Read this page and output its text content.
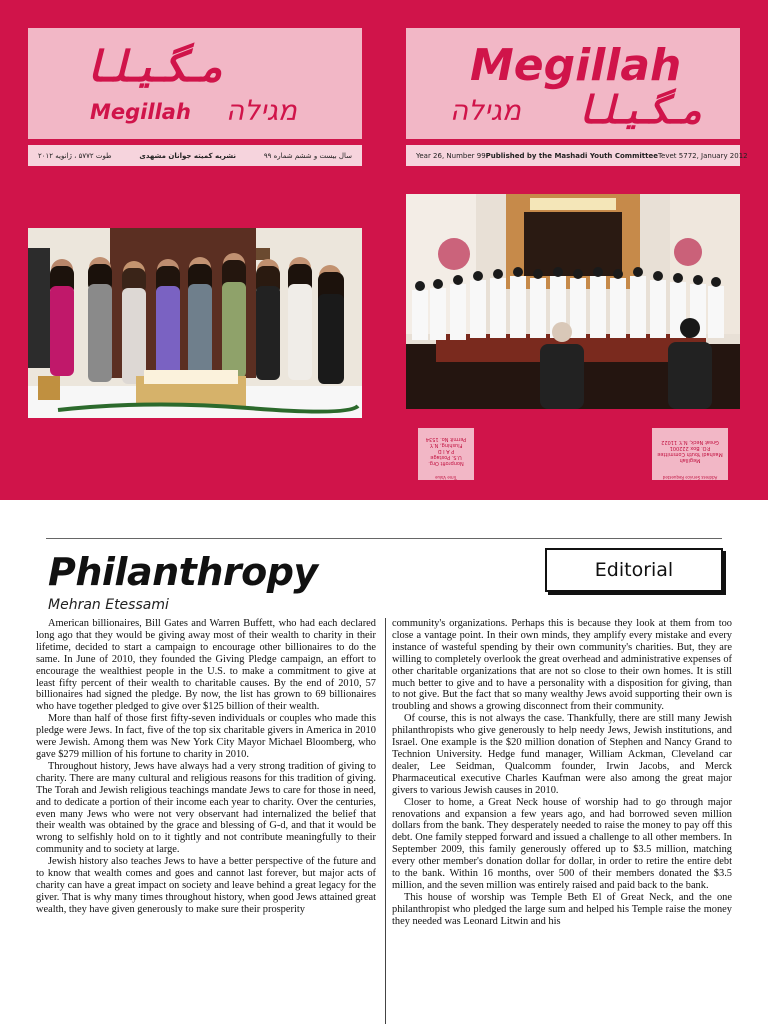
مـگـيـلـا
Megillah מגילה
سال بیست و ششم شماره ۹۹
نشریه کمیته جوانان مشهدی
طوت ۵۷۷۲ ، ژانویه ۲۰۱۲
Megillah
מגילה مـگـيـلـا
Year 26, Number 99 Published by the Mashadi Youth Committee Tevet 5772, January 2012
Time Value
Nonprofit Org.
U.S. Postage
P A I D
Flushing, N.Y.
Permit No. 1534
Address Service Requested
Megillah
Mashadi Youth Committee
P.O. Box 222001
Great Neck, N.Y. 11022
Philanthropy
Mehran Etessami
Editorial

American billionaires, Bill Gates and Warren Buffett, who had each declared long ago that they would be giving away most of their wealth to charity in their lifetime, decided to start a campaign to encourage other billionaires to do the same. In June of 2010, they founded the Giving Pledge campaign, an effort to encourage the wealthiest people in the U.S. to make a commitment to give at least fifty percent of their wealth to charitable causes. By the end of 2010, 57 billionaires had signed the pledge. By now, the list has grown to 69 billionaires who have together pledged to give over $125 billion of their wealth.

More than half of those first fifty-seven individuals or couples who made this pledge were Jews. In fact, five of the top six charitable givers in America in 2010 were Jewish. Among them was New York City Mayor Michael Bloomberg, who gave $279 million of his fortune to charity in 2010.

Throughout history, Jews have always had a very strong tradition of giving to charity. There are many cultural and religious reasons for this tradition of giving. The Torah and Jewish religious teachings mandate Jews to care for those in need, and to dedicate a portion of their income each year to charity. Over the centuries, even many Jews who were not very observant had internalized the belief that their wealth was obtained by the grace and blessing of G-d, and that it would be wrong to selfishly hold on to it tightly and not contribute meaningfully to their community and to society at large.

Jewish history also teaches Jews to have a better perspective of the future and to know that wealth comes and goes and cannot last forever, but major acts of charity can have a great impact on society and leave behind a great legacy for the giver. That is why many times throughout history, when good Jews attained great wealth, they have given generously to make sure their prosperity

community's organizations. Perhaps this is because they look at them from too close a vantage point. In their own minds, they amplify every mistake and every instance of wasteful spending by their own community's charities. But, they are willing to completely overlook the great overhead and administrative expenses of other charitable organizations that are not so close to their own homes. It is still much better to give and to have a personality with a disposition for giving, than to not give. But the fact that so many wealthy Jews avoid supporting their own is troubling and shows a growing disconnect from their community.

Of course, this is not always the case. Thankfully, there are still many Jewish philanthropists who give generously to help needy Jews, Jewish institutions, and Israel. One example is the $20 million donation of Stephen and Nancy Grand to Technion University. Hedge fund manager, William Ackman, Cleveland car dealer, Lee Seidman, Qualcomm founder, Irwin Jacobs, and Merck Pharmaceutical executive Charles Kaufman were also among the great major givers to various Jewish causes in 2010.

Closer to home, a Great Neck house of worship had to go through major renovations and expansion a few years ago, and had borrowed seven million dollars from the bank. They desperately needed to raise the money to pay off this debt. One family stepped forward and issued a challenge to all other members. In September 2009, this family generously offered up to $3.5 million, matching every other member's donation dollar for dollar, in order to retire the entire debt to the bank. Within 16 months, over 500 of their members donated the $3.5 million, and the seven million was entirely raised and paid back to the bank.

This house of worship was Temple Beth El of Great Neck, and the one philanthropist who pledged the large sum and helped his Temple raise the money they needed was Leonard Litwin and his
